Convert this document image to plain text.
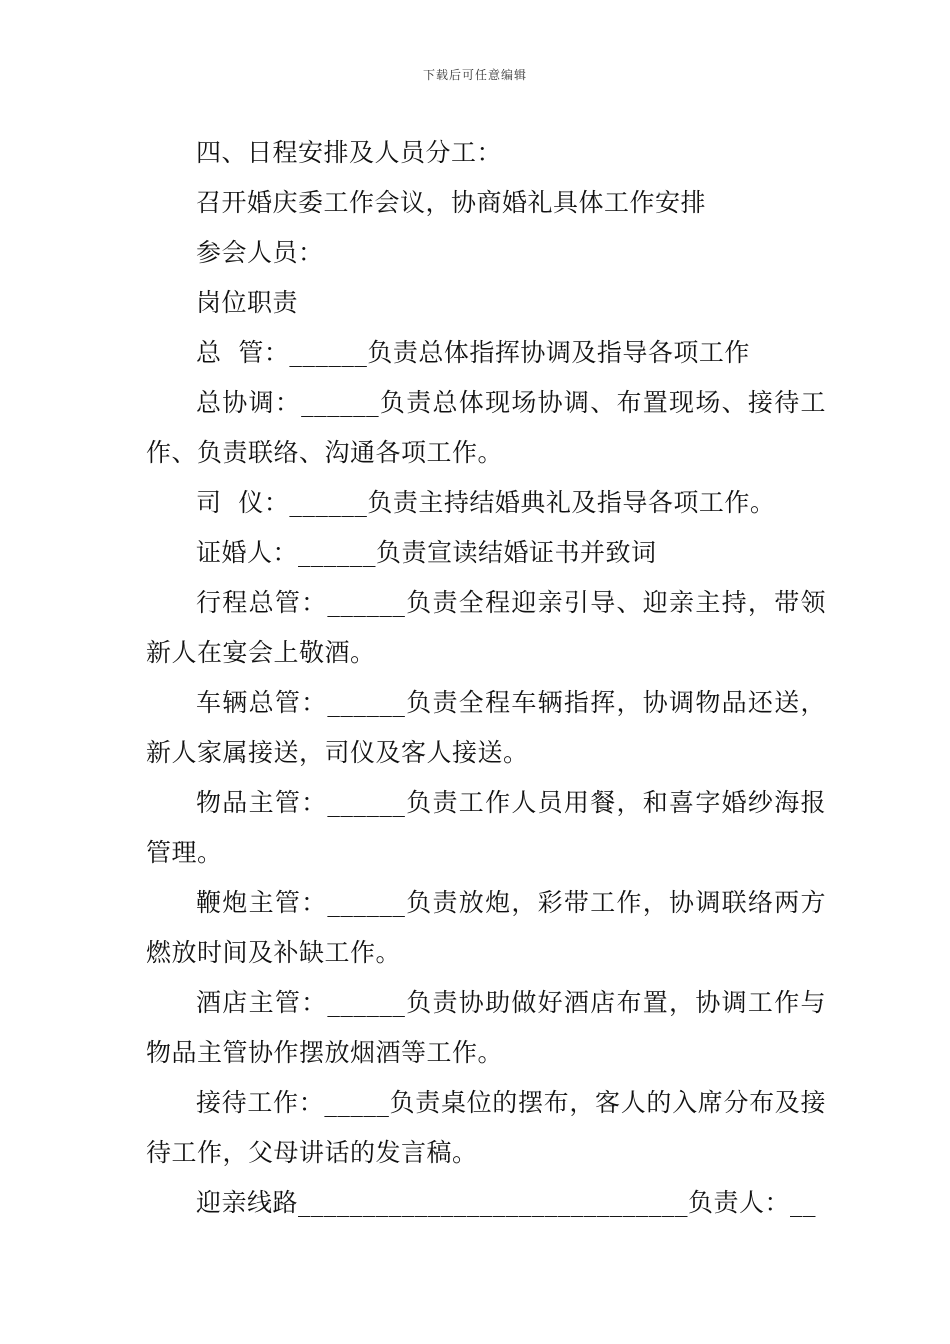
下载后可任意编辑

四、日程安排及人员分工：

召开婚庆委工作会议，协商婚礼具体工作安排

参会人员：

岗位职责

总  管：______负责总体指挥协调及指导各项工作

总协调：______负责总体现场协调、布置现场、接待工作、负责联络、沟通各项工作。

司  仪：______负责主持结婚典礼及指导各项工作。

证婚人：______负责宣读结婚证书并致词

行程总管：______负责全程迎亲引导、迎亲主持，带领新人在宴会上敬酒。

车辆总管：______负责全程车辆指挥，协调物品还送，新人家属接送，司仪及客人接送。

物品主管：______负责工作人员用餐，和喜字婚纱海报管理。

鞭炮主管：______负责放炮，彩带工作，协调联络两方燃放时间及补缺工作。

酒店主管：______负责协助做好酒店布置，协调工作与物品主管协作摆放烟酒等工作。

接待工作：_____负责桌位的摆布，客人的入席分布及接待工作，父母讲话的发言稿。

迎亲线路______________________________负责人：__
